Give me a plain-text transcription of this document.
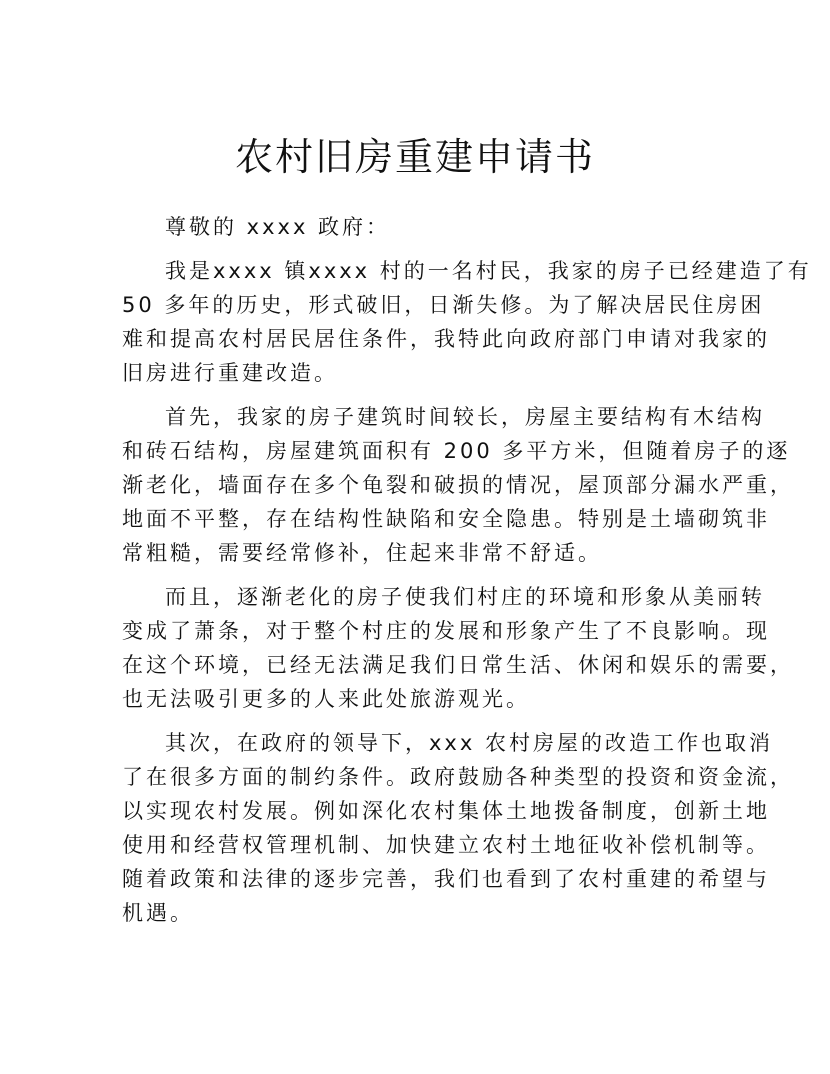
农村旧房重建申请书
尊敬的 xxxx 政府：
我是xxxx 镇xxxx 村的一名村民，我家的房子已经建造了有
50 多年的历史，形式破旧，日渐失修。为了解决居民住房困
难和提高农村居民居住条件，我特此向政府部门申请对我家的
旧房进行重建改造。
首先，我家的房子建筑时间较长，房屋主要结构有木结构
和砖石结构，房屋建筑面积有 200 多平方米，但随着房子的逐
渐老化，墙面存在多个龟裂和破损的情况，屋顶部分漏水严重，
地面不平整，存在结构性缺陷和安全隐患。特别是土墙砌筑非
常粗糙，需要经常修补，住起来非常不舒适。
而且，逐渐老化的房子使我们村庄的环境和形象从美丽转
变成了萧条，对于整个村庄的发展和形象产生了不良影响。现
在这个环境，已经无法满足我们日常生活、休闲和娱乐的需要，
也无法吸引更多的人来此处旅游观光。
其次，在政府的领导下，xxx 农村房屋的改造工作也取消
了在很多方面的制约条件。政府鼓励各种类型的投资和资金流，
以实现农村发展。例如深化农村集体土地拨备制度，创新土地
使用和经营权管理机制、加快建立农村土地征收补偿机制等。
随着政策和法律的逐步完善，我们也看到了农村重建的希望与
机遇。
